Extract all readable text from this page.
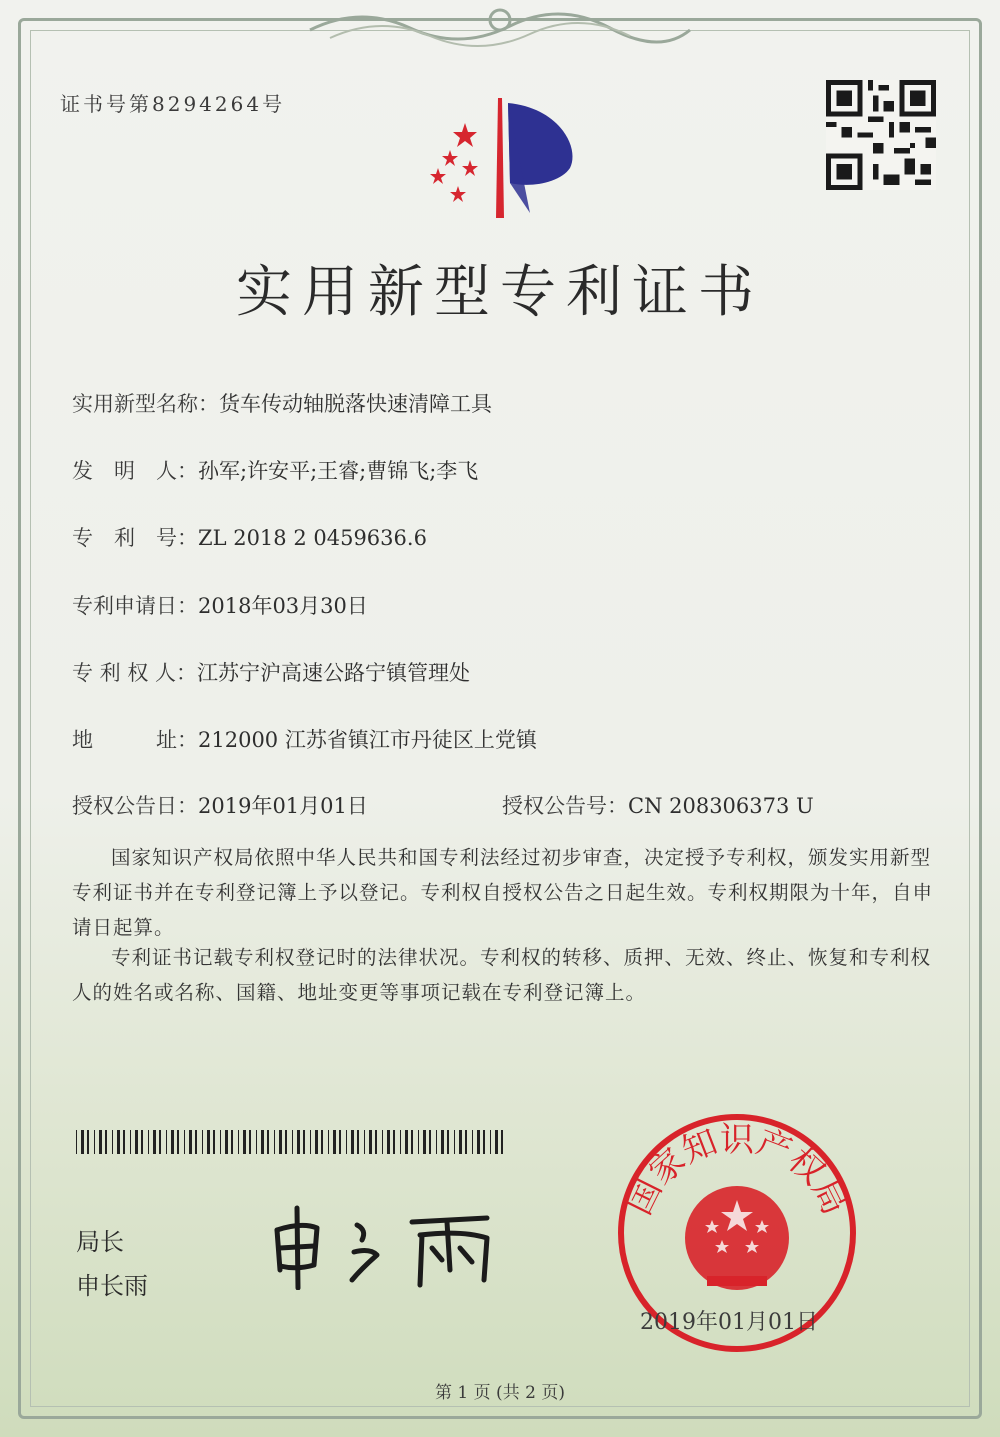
证书号第8294264号
实用新型专利证书
实用新型名称：货车传动轴脱落快速清障工具
发　明　人：孙军;许安平;王睿;曹锦飞;李飞
专　利　号：ZL 2018 2 0459636.6
专利申请日：2018年03月30日
专 利 权 人：江苏宁沪高速公路宁镇管理处
地　　　址：212000 江苏省镇江市丹徒区上党镇
授权公告日：2019年01月01日	授权公告号：CN 208306373 U
国家知识产权局依照中华人民共和国专利法经过初步审查，决定授予专利权，颁发实用新型专利证书并在专利登记簿上予以登记。专利权自授权公告之日起生效。专利权期限为十年，自申请日起算。
专利证书记载专利权登记时的法律状况。专利权的转移、质押、无效、终止、恢复和专利权人的姓名或名称、国籍、地址变更等事项记载在专利登记簿上。
局长
申长雨
国家知识产权局
2019年01月01日
第 1 页 (共 2 页)
